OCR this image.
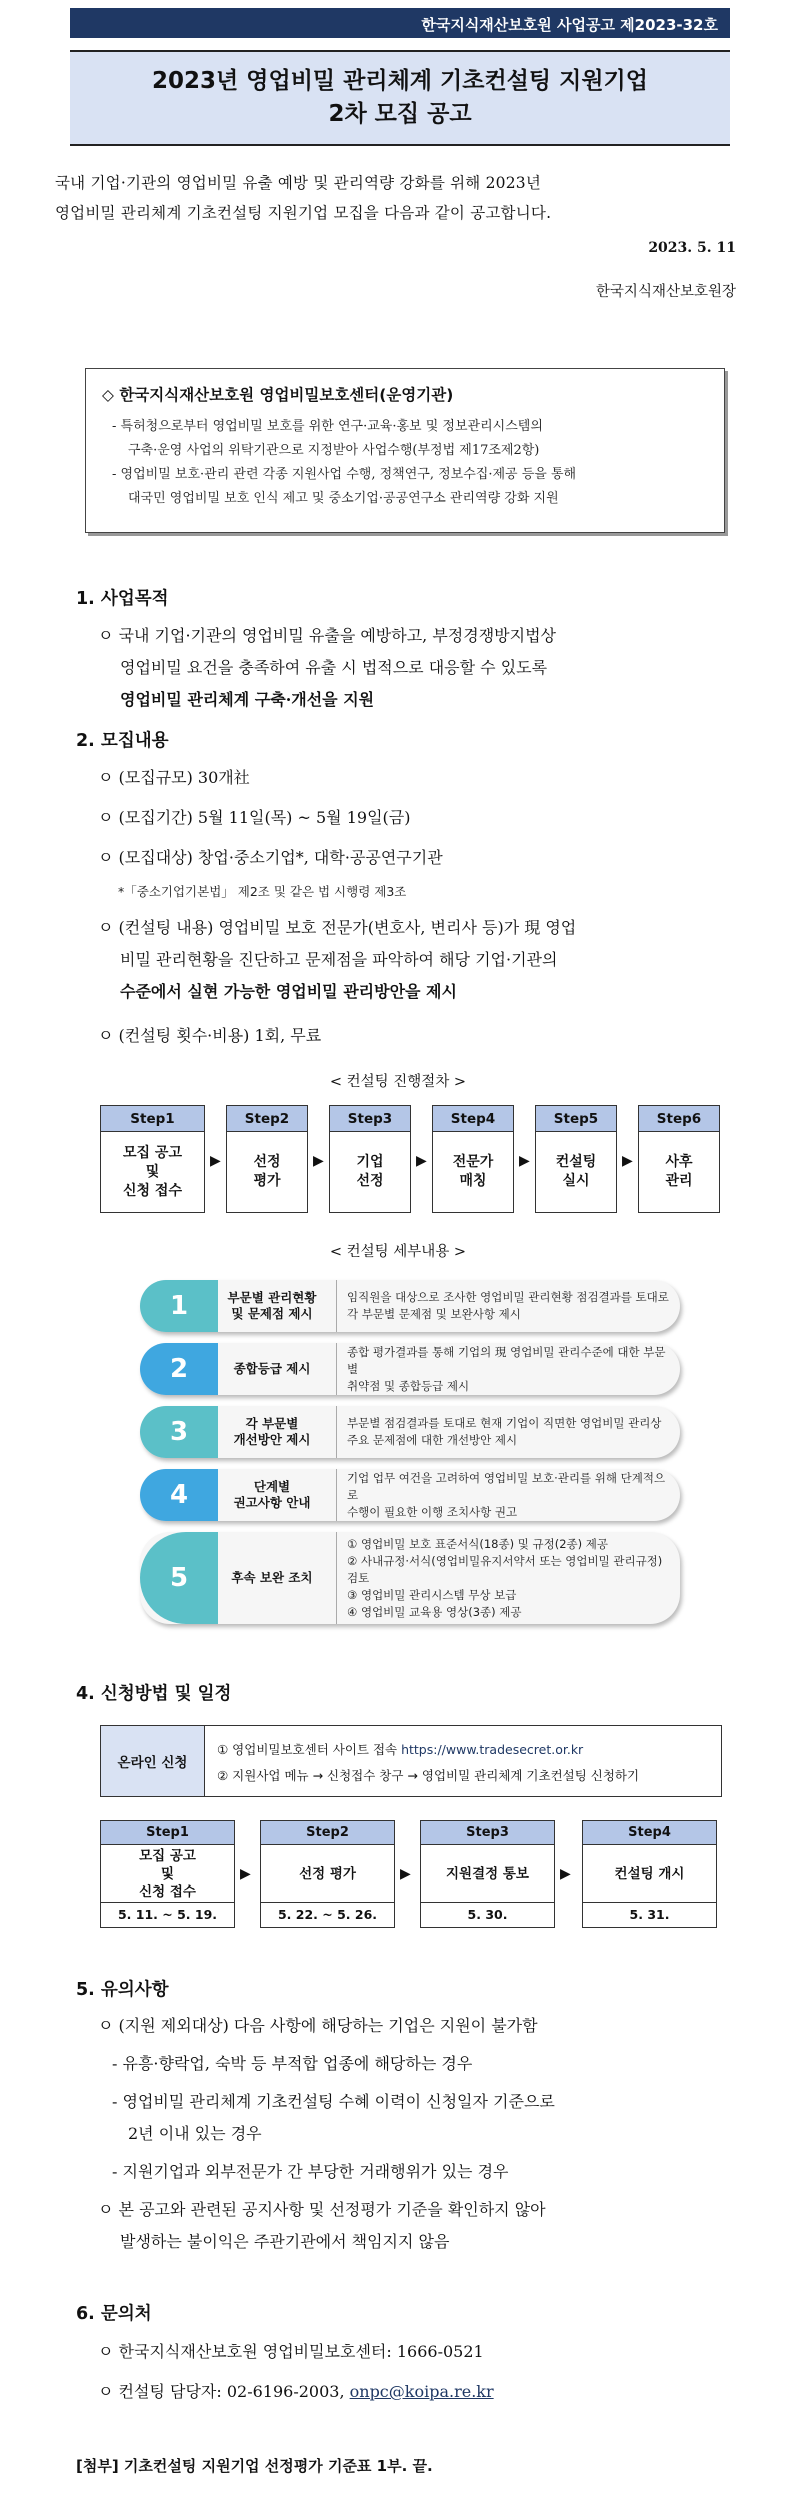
한국지식재산보호원 사업공고 제2023-32호
2023년 영업비밀 관리체계 기초컨설팅 지원기업
2차 모집 공고
국내 기업·기관의 영업비밀 유출 예방 및 관리역량 강화를 위해 2023년
영업비밀 관리체계 기초컨설팅 지원기업 모집을 다음과 같이 공고합니다.
2023. 5. 11
한국지식재산보호원장
◇ 한국지식재산보호원 영업비밀보호센터(운영기관)
- 특허청으로부터 영업비밀 보호를 위한 연구·교육·홍보 및 정보관리시스템의
구축·운영 사업의 위탁기관으로 지정받아 사업수행(부정법 제17조제2항)
- 영업비밀 보호·관리 관련 각종 지원사업 수행, 정책연구, 정보수집·제공 등을 통해
대국민 영업비밀 보호 인식 제고 및 중소기업·공공연구소 관리역량 강화 지원
1. 사업목적
ㅇ 국내 기업·기관의 영업비밀 유출을 예방하고, 부정경쟁방지법상
영업비밀 요건을 충족하여 유출 시 법적으로 대응할 수 있도록
영업비밀 관리체계 구축·개선을 지원
2. 모집내용
ㅇ (모집규모) 30개社
ㅇ (모집기간) 5월 11일(목) ~ 5월 19일(금)
ㅇ (모집대상) 창업·중소기업*, 대학·공공연구기관
*「중소기업기본법」 제2조 및 같은 법 시행령 제3조
ㅇ (컨설팅 내용) 영업비밀 보호 전문가(변호사, 변리사 등)가 現 영업
비밀 관리현황을 진단하고 문제점을 파악하여 해당 기업·기관의
수준에서 실현 가능한 영업비밀 관리방안을 제시
ㅇ (컨설팅 횟수·비용) 1회, 무료
< 컨설팅 진행절차 >
Step1
모집 공고
및
신청 접수
▶
Step2
선정
평가
▶
Step3
기업
선정
▶
Step4
전문가
매칭
▶
Step5
컨설팅
실시
▶
Step6
사후
관리
< 컨설팅 세부내용 >
1	부문별 관리현황
및 문제점 제시
임직원을 대상으로 조사한 영업비밀 관리현황 점검결과를 토대로
각 부문별 문제점 및 보완사항 제시
2	종합등급 제시
종합 평가결과를 통해 기업의 現 영업비밀 관리수준에 대한 부문별
취약점 및 종합등급 제시
3	각 부문별
개선방안 제시
부문별 점검결과를 토대로 현재 기업이 직면한 영업비밀 관리상
주요 문제점에 대한 개선방안 제시
4	단계별
권고사항 안내
기업 업무 여건을 고려하여 영업비밀 보호·관리를 위해 단계적으로
수행이 필요한 이행 조치사항 권고
5	후속 보완 조치
① 영업비밀 보호 표준서식(18종) 및 규정(2종) 제공
② 사내규정·서식(영업비밀유지서약서 또는 영업비밀 관리규정) 검토
③ 영업비밀 관리시스템 무상 보급
④ 영업비밀 교육용 영상(3종) 제공
4. 신청방법 및 일정
온라인 신청
① 영업비밀보호센터 사이트 접속 https://www.tradesecret.or.kr
② 지원사업 메뉴 → 신청접수 창구 → 영업비밀 관리체계 기초컨설팅 신청하기
Step1
모집 공고
및
신청 접수
5. 11. ~ 5. 19.
▶
Step2
선정 평가
5. 22. ~ 5. 26.
▶
Step3
지원결정 통보
5. 30.
▶
Step4
컨설팅 개시
5. 31.
5. 유의사항
ㅇ (지원 제외대상) 다음 사항에 해당하는 기업은 지원이 불가함
- 유흥·향락업, 숙박 등 부적합 업종에 해당하는 경우
- 영업비밀 관리체계 기초컨설팅 수혜 이력이 신청일자 기준으로
2년 이내 있는 경우
- 지원기업과 외부전문가 간 부당한 거래행위가 있는 경우
ㅇ 본 공고와 관련된 공지사항 및 선정평가 기준을 확인하지 않아
발생하는 불이익은 주관기관에서 책임지지 않음
6. 문의처
ㅇ 한국지식재산보호원 영업비밀보호센터: 1666-0521
ㅇ 컨설팅 담당자: 02-6196-2003, onpc@koipa.re.kr
[첨부] 기초컨설팅 지원기업 선정평가 기준표 1부. 끝.
